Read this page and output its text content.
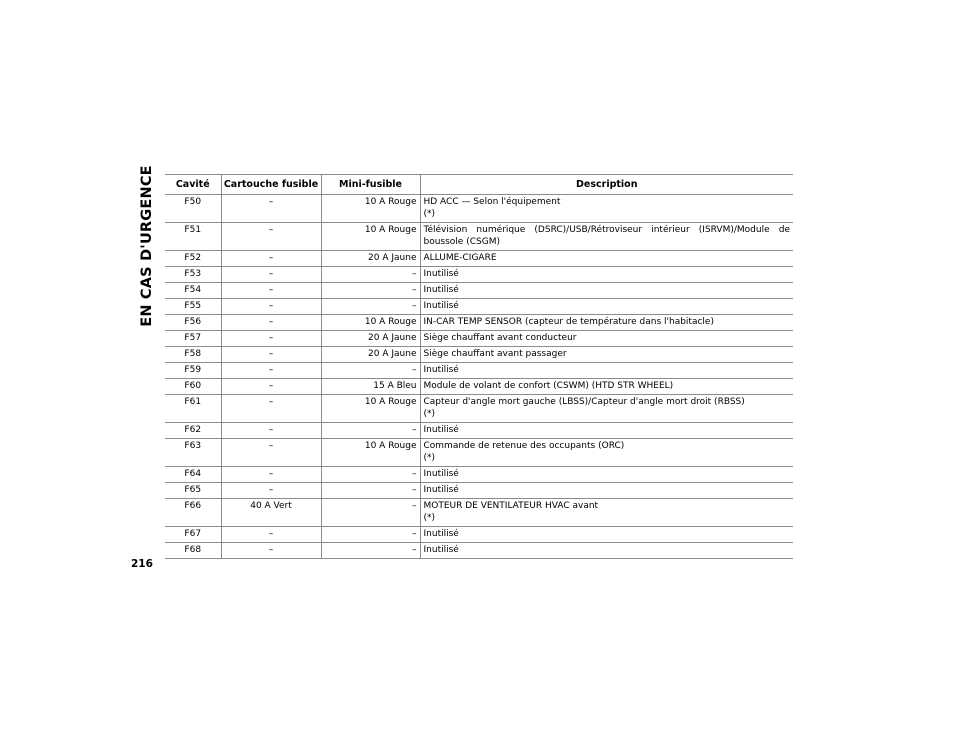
EN CAS D'URGENCE Cavité	Cartouche fusible	Mini-fusible	Description
F50	–	10 A Rouge	HD ACC — Selon l'équipement
(*)

F51	–	10 A Rouge	Télévision numérique (DSRC)/USB/Rétroviseur intérieur (ISRVM)/Module de boussole (CSGM)
F52	–	20 A Jaune	ALLUME-CIGARE
F53	–	–	Inutilisé
F54	–	–	Inutilisé
F55	–	–	Inutilisé
F56	–	10 A Rouge	IN-CAR TEMP SENSOR (capteur de température dans l'habitacle)
F57	–	20 A Jaune	Siège chauffant avant conducteur
F58	–	20 A Jaune	Siège chauffant avant passager
F59	–	–	Inutilisé
F60	–	15 A Bleu	Module de volant de confort (CSWM) (HTD STR WHEEL)
F61	–	10 A Rouge	Capteur d'angle mort gauche (LBSS)/Capteur d'angle mort droit (RBSS)
(*)

F62	–	–	Inutilisé
F63	–	10 A Rouge	Commande de retenue des occupants (ORC)
(*)

F64	–	–	Inutilisé
F65	–	–	Inutilisé
F66	40 A Vert	–	MOTEUR DE VENTILATEUR HVAC avant
(*)

F67	–	–	Inutilisé
F68	–	–	Inutilisé
216
